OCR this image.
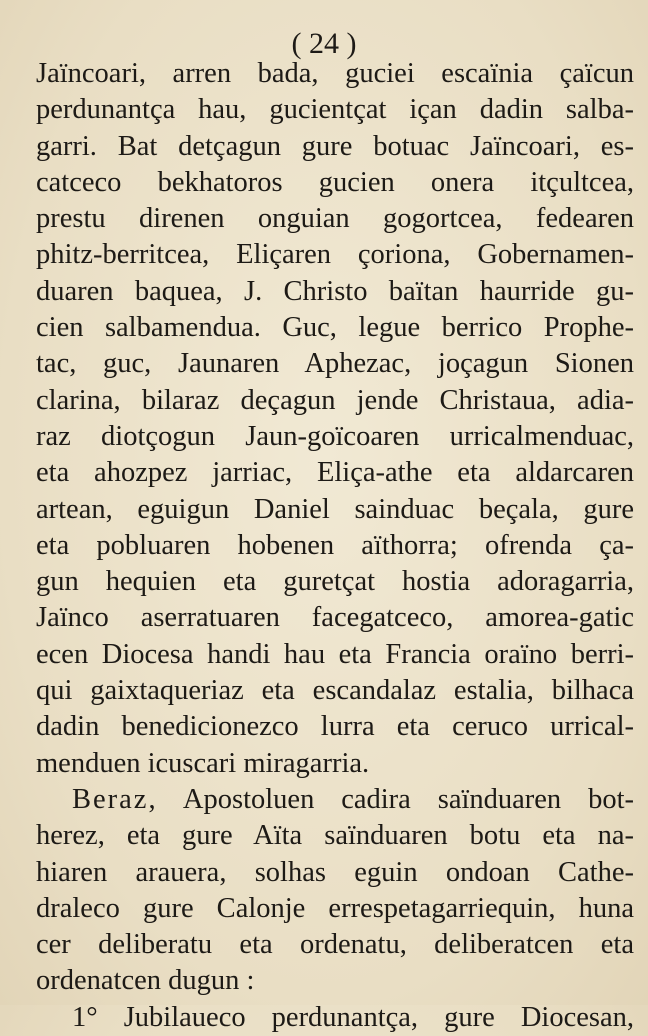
( 24 )
Jaïncoari, arren bada, guciei escaïnia çaïcun
perdunantça hau, gucientçat içan dadin salba-
garri. Bat detçagun gure botuac Jaïncoari, es-
catceco bekhatoros gucien onera itçultcea,
prestu direnen onguian gogortcea, fedearen
phitz-berritcea, Eliçaren çoriona, Gobernamen-
duaren baquea, J. Christo baïtan haurride gu-
cien salbamendua. Guc, legue berrico Prophe-
tac, guc, Jaunaren Aphezac, joçagun Sionen
clarina, bilaraz deçagun jende Christaua, adia-
raz diotçogun Jaun-goïcoaren urricalmenduac,
eta ahozpez jarriac, Eliça-athe eta aldarcaren
artean, eguigun Daniel sainduac beçala, gure
eta pobluaren hobenen aïthorra; ofrenda ça-
gun hequien eta guretçat hostia adoragarria,
Jaïnco aserratuaren facegatceco, amorea-gatic
ecen Diocesa handi hau eta Francia oraïno berri-
qui gaixtaqueriaz eta escandalaz estalia, bilhaca
dadin benedicionezco lurra eta ceruco urrical-
menduen icuscari miragarria.
Beraz, Apostoluen cadira saïnduaren bot-
herez, eta gure Aïta saïnduaren botu eta na-
hiaren arauera, solhas eguin ondoan Cathe-
draleco gure Calonje errespetagarriequin, huna
cer deliberatu eta ordenatu, deliberatcen eta
ordenatcen dugun :
1° Jubilaueco perdunantça, gure Diocesan,
